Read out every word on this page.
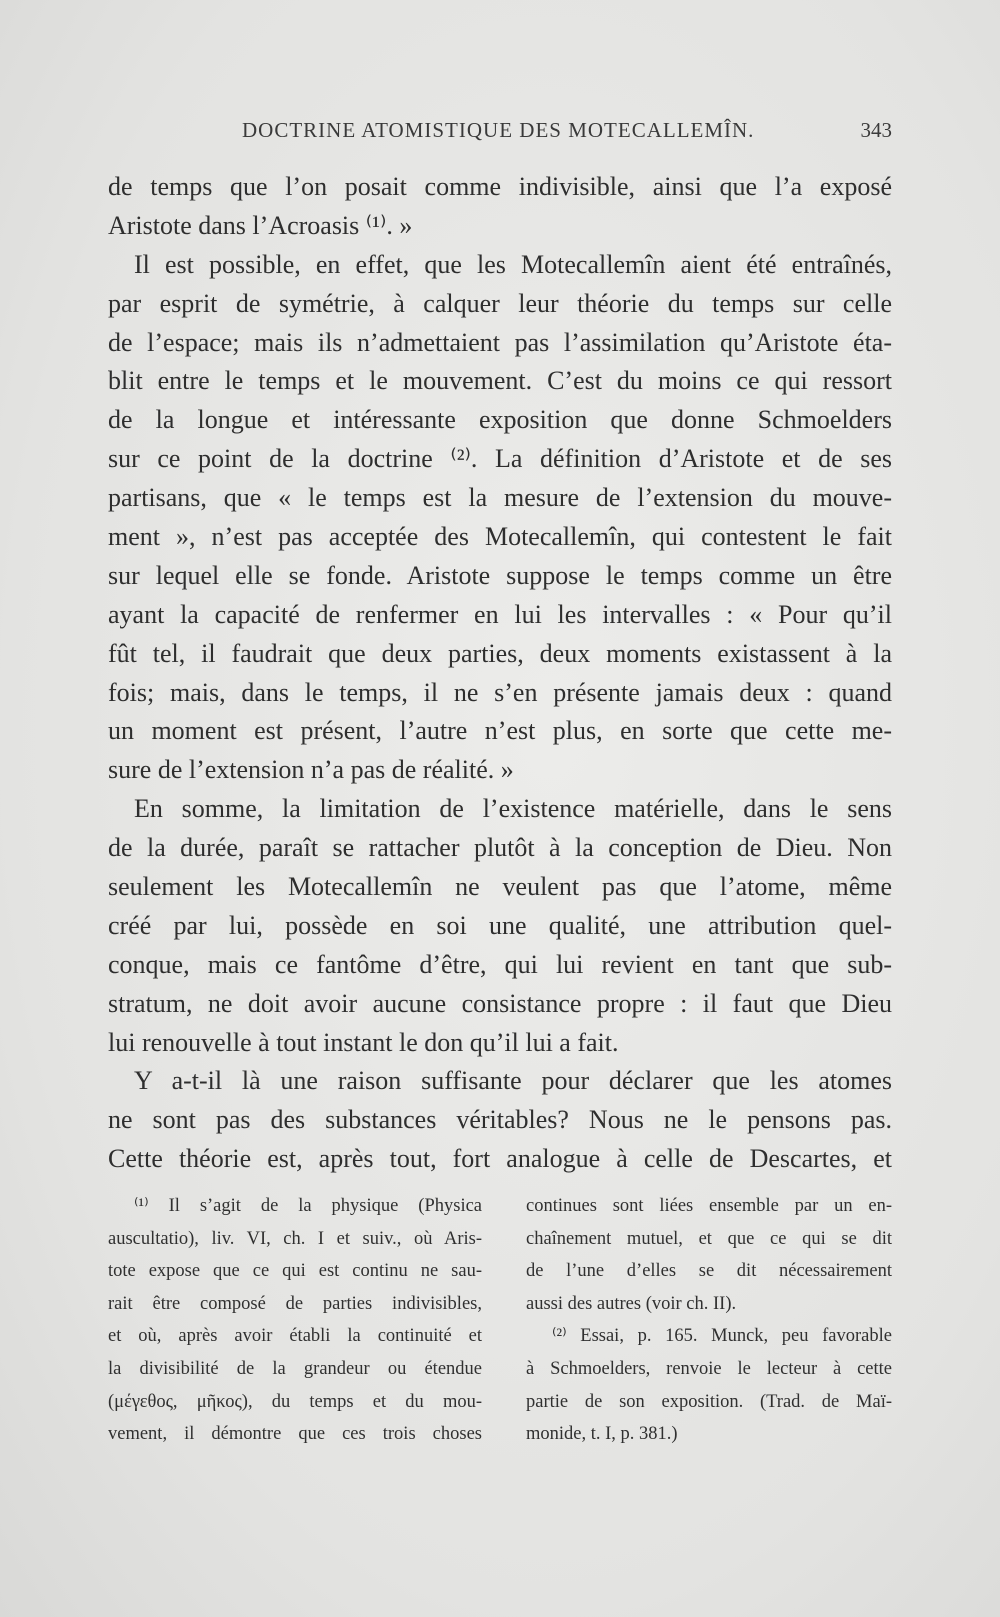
DOCTRINE ATOMISTIQUE DES MOTECALLEMÎN.	343
de temps que l’on posait comme indivisible, ainsi que l’a exposé
Aristote dans l’Acroasis ⁽¹⁾. »
Il est possible, en effet, que les Motecallemîn aient été entraînés,
par esprit de symétrie, à calquer leur théorie du temps sur celle
de l’espace; mais ils n’admettaient pas l’assimilation qu’Aristote éta-
blit entre le temps et le mouvement. C’est du moins ce qui ressort
de la longue et intéressante exposition que donne Schmoelders
sur ce point de la doctrine ⁽²⁾. La définition d’Aristote et de ses
partisans, que « le temps est la mesure de l’extension du mouve-
ment », n’est pas acceptée des Motecallemîn, qui contestent le fait
sur lequel elle se fonde. Aristote suppose le temps comme un être
ayant la capacité de renfermer en lui les intervalles : « Pour qu’il
fût tel, il faudrait que deux parties, deux moments existassent à la
fois; mais, dans le temps, il ne s’en présente jamais deux : quand
un moment est présent, l’autre n’est plus, en sorte que cette me-
sure de l’extension n’a pas de réalité. »
En somme, la limitation de l’existence matérielle, dans le sens
de la durée, paraît se rattacher plutôt à la conception de Dieu. Non
seulement les Motecallemîn ne veulent pas que l’atome, même
créé par lui, possède en soi une qualité, une attribution quel-
conque, mais ce fantôme d’être, qui lui revient en tant que sub-
stratum, ne doit avoir aucune consistance propre : il faut que Dieu
lui renouvelle à tout instant le don qu’il lui a fait.
Y a-t-il là une raison suffisante pour déclarer que les atomes
ne sont pas des substances véritables? Nous ne le pensons pas.
Cette théorie est, après tout, fort analogue à celle de Descartes, et
⁽¹⁾ Il s’agit de la physique (Physica
auscultatio), liv. VI, ch. I et suiv., où Aris-
tote expose que ce qui est continu ne sau-
rait être composé de parties indivisibles,
et où, après avoir établi la continuité et
la divisibilité de la grandeur ou étendue
(μέγεθος, μῆκος), du temps et du mou-
vement, il démontre que ces trois choses
continues sont liées ensemble par un en-
chaînement mutuel, et que ce qui se dit
de l’une d’elles se dit nécessairement
aussi des autres (voir ch. II).
⁽²⁾ Essai, p. 165. Munck, peu favorable
à Schmoelders, renvoie le lecteur à cette
partie de son exposition. (Trad. de Maï-
monide, t. I, p. 381.)
